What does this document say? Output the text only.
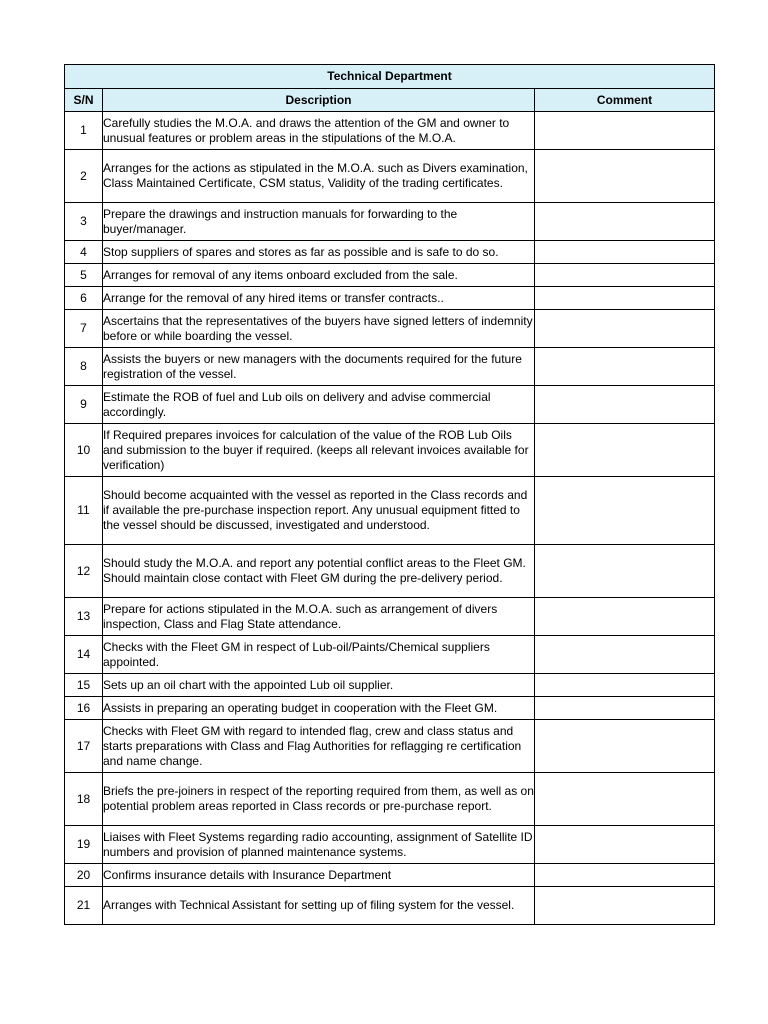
Technical Department		
S/N	Description	Comment
1	Carefully studies the M.O.A. and draws the attention of the GM and owner to unusual features or problem areas in the stipulations of the M.O.A.	
2	Arranges for the actions as stipulated in the M.O.A. such as Divers examination, Class Maintained Certificate, CSM status, Validity of the trading certificates.	
3	Prepare the drawings and instruction manuals for forwarding to the buyer/manager.	
4	Stop suppliers of spares and stores as far as possible and is safe to do so.	
5	Arranges for removal of any items onboard excluded from the sale.	
6	Arrange for the removal of any hired items or transfer contracts..	
7	Ascertains that the representatives of the buyers have signed letters of indemnity before or while boarding the vessel.	
8	Assists the buyers or new managers with the documents required for the future registration of the vessel.	
9	Estimate the ROB of fuel and Lub oils on delivery and advise commercial accordingly.	
10	If Required prepares invoices for calculation of the value of the ROB Lub Oils and submission to the buyer if required. (keeps all relevant invoices available for verification)	
11	Should become acquainted with the vessel as reported in the Class records and if available the pre-purchase inspection report. Any unusual equipment fitted to the vessel should be discussed, investigated and understood.	
12	Should study the M.O.A. and report any potential conflict areas to the Fleet GM. Should maintain close contact with Fleet GM during the pre-delivery period.	
13	Prepare for actions stipulated in the M.O.A. such as arrangement of divers inspection, Class and Flag State attendance.	
14	Checks with the Fleet GM in respect of Lub-oil/Paints/Chemical suppliers appointed.	
15	Sets up an oil chart with the appointed Lub oil supplier.	
16	Assists in preparing an operating budget in cooperation with the Fleet GM.	
17	Checks with Fleet GM with regard to intended flag, crew and class status and starts preparations with Class and Flag Authorities for reflagging re certification and name change.	
18	Briefs the pre-joiners in respect of the reporting required from them, as well as on potential problem areas reported in Class records or pre-purchase report.	
19	Liaises with Fleet Systems regarding radio accounting, assignment of Satellite ID numbers and provision of planned maintenance systems.	
20	Confirms insurance details with Insurance Department	
21	Arranges with Technical Assistant for setting up of filing system for the vessel.	
